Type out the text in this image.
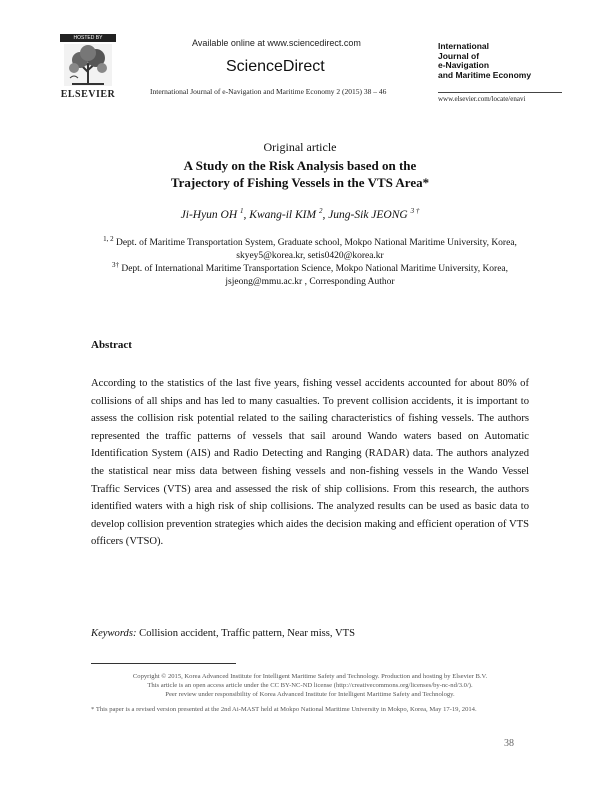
HOSTED BY
ELSEVIER
Available online at www.sciencedirect.com
ScienceDirect
International Journal of e-Navigation and Maritime Economy 2 (2015) 38 – 46
International
Journal of
e-Navigation
and Maritime Economy
www.elsevier.com/locate/enavi
Original article
A Study on the Risk Analysis based on the
Trajectory of Fishing Vessels in the VTS Area*
Ji-Hyun OH $^1$, Kwang-il KIM $^2$, Jung-Sik JEONG $^{3 \dagger}$
$^{1, 2}$ Dept. of Maritime Transportation System, Graduate school, Mokpo National Maritime University, Korea,
skyey5@korea.kr, setis0420@korea.kr
$^{3\dagger}$ Dept. of International Maritime Transportation Science, Mokpo National Maritime University, Korea,
jsjeong@mmu.ac.kr , Corresponding Author
Abstract
According to the statistics of the last five years, fishing vessel accidents accounted for about 80% of collisions of all ships and has led to many casualties. To prevent collision accidents, it is important to assess the collision risk potential related to the sailing characteristics of fishing vessels. The authors represented the traffic patterns of vessels that sail around Wando waters based on Automatic Identification System (AIS) and Radio Detecting and Ranging (RADAR) data. The authors analyzed the statistical near miss data between fishing vessels and non-fishing vessels in the Wando Vessel Traffic Services (VTS) area and assessed the risk of ship collisions. From this research, the authors identified waters with a high risk of ship collisions. The analyzed results can be used as basic data to develop collision prevention strategies which aides the decision making and efficient operation of VTS officers (VTSO).
Keywords: Collision accident, Traffic pattern, Near miss, VTS
Copyright © 2015, Korea Advanced Institute for Intelligent Maritime Safety and Technology. Production and hosting by Elsevier B.V.
This article is an open access article under the CC BY-NC-ND license (http://creativecommons.org/licenses/by-nc-nd/3.0/).
Peer review under responsibility of Korea Advanced Institute for Intelligent Maritime Safety and Technology.
* This paper is a revised version presented at the 2nd Ai-MAST held at Mokpo National Maritime University in Mokpo, Korea, May 17-19, 2014.
38
